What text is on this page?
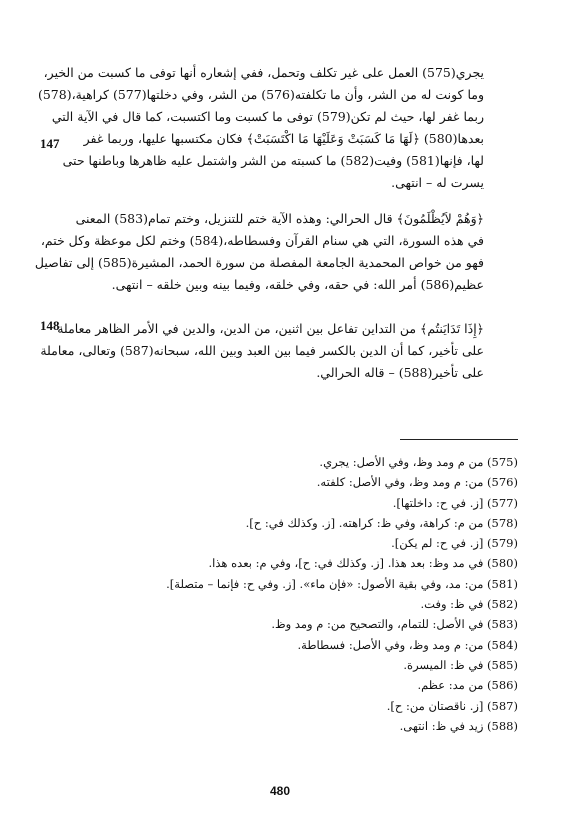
يجري(575) العمل على غير تكلف وتحمل، ففي إشعاره أنها توفى ما كسبت من الخير،
وما كونت له من الشر، وأن ما تكلفته(576) من الشر، وفي دخلتها(577) كراهية،(578)
ربما غفر لها، حيث لم تكن(579) توفى ما كسبت وما اكتسبت، كما قال في الآية التي
بعدها(580) ﴿لَهَا مَا كَسَبَتْ وَعَلَيْهَا مَا اكْتَسَبَتْ﴾ فكان مكتسبها عليها، وربما غفر
لها، فإنها(581) وفيت(582) ما كسبته من الشر واشتمل عليه ظاهرها وباطنها حتى
يسرت له – انتهى.
﴿وَهُمْ لاَيُظْلَمُونَ﴾ قال الحرالي: وهذه الآية ختم للتنزيل، وختم تمام(583) المعنى
في هذه السورة، التي هي سنام القرآن وفسطاطه،(584) وختم لكل موعظة وكل ختم،
فهو من خواص المحمدية الجامعة المفصلة من سورة الحمد، المشيرة(585) إلى تفاصيل
عظيم(586) أمر الله: في حقه، وفي خلقه، وفيما بينه وبين خلقه – انتهى.
﴿إِذَا تَدَايَنتُم﴾ من التداين تفاعل بين اثنين، من الدين، والدين في الأمر الظاهر معاملة
على تأخير، كما أن الدين بالكسر فيما بين العبد وبين الله، سبحانه(587) وتعالى، معاملة
على تأخير(588) – قاله الحرالي.
147
148
(575) من م ومد وظ، وفي الأصل: يجري.
(576) من: م ومد وظ، وفي الأصل: كلفته.
(577) [ز. في ح: داخلتها].
(578) من م: كراهة، وفي ظ: كراهته. [ز. وكذلك في: ح].
(579) [ز. في ح: لم يكن].
(580) في مد وظ: بعد هذا. [ز. وكذلك في: ح]، وفي م: بعده هذا.
(581) من: مد، وفي بقية الأصول: «فإن ماء». [ز. وفي ح: فإنما – متصلة].
(582) في ظ: وفت.
(583) في الأصل: للتمام، والتصحيح من: م ومد وظ.
(584) من: م ومد وظ، وفي الأصل: فسطاطة.
(585) في ظ: الميسرة.
(586) من مد: عظم.
(587) [ز. ناقصتان من: ح].
(588) زيد في ظ: انتهى.
480
